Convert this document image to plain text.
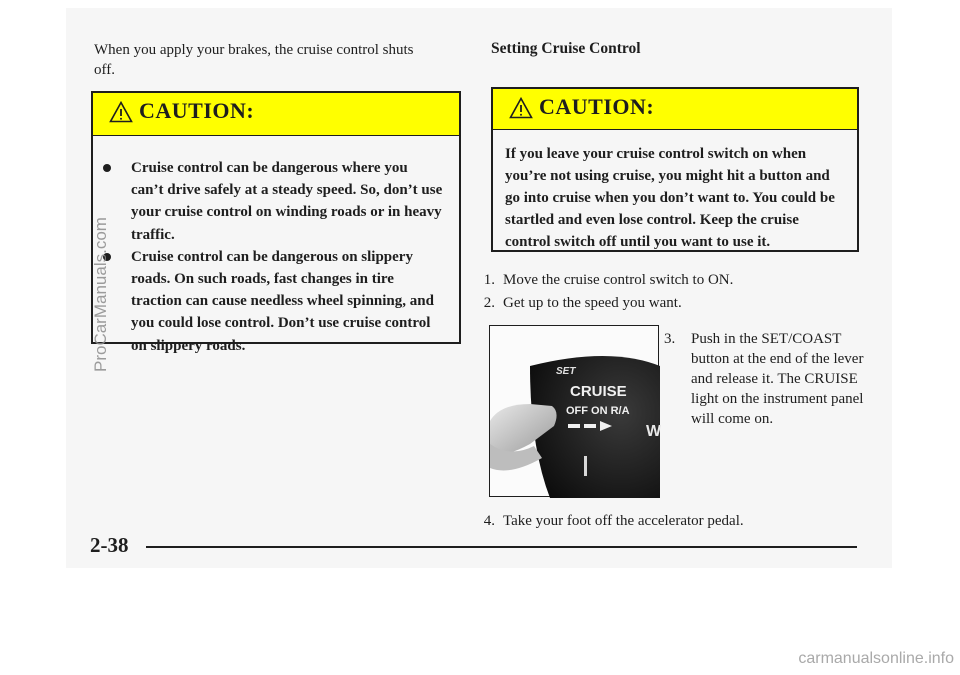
When you apply your brakes, the cruise control shuts off.

CAUTION:
Cruise control can be dangerous where you can’t drive safely at a steady speed. So, don’t use your cruise control on winding roads or in heavy traffic.
Cruise control can be dangerous on slippery roads. On such roads, fast changes in tire traction can cause needless wheel spinning, and you could lose control. Don’t use cruise control on slippery roads.
Setting Cruise Control
CAUTION:

If you leave your cruise control switch on when you’re not using cruise, you might hit a button and go into cruise when you don’t want to. You could be startled and even lose control. Keep the cruise control switch off until you want to use it.

1. Move the cruise control switch to ON.
2. Get up to the speed you want.
SET
CRUISE
OFF ON R/A
W
3. Push in the SET/COAST button at the end of the lever and release it. The CRUISE light on the instrument panel will come on.
4. Take your foot off the accelerator pedal.

2-38

ProCarManuals.com
carmanualsonline.info
